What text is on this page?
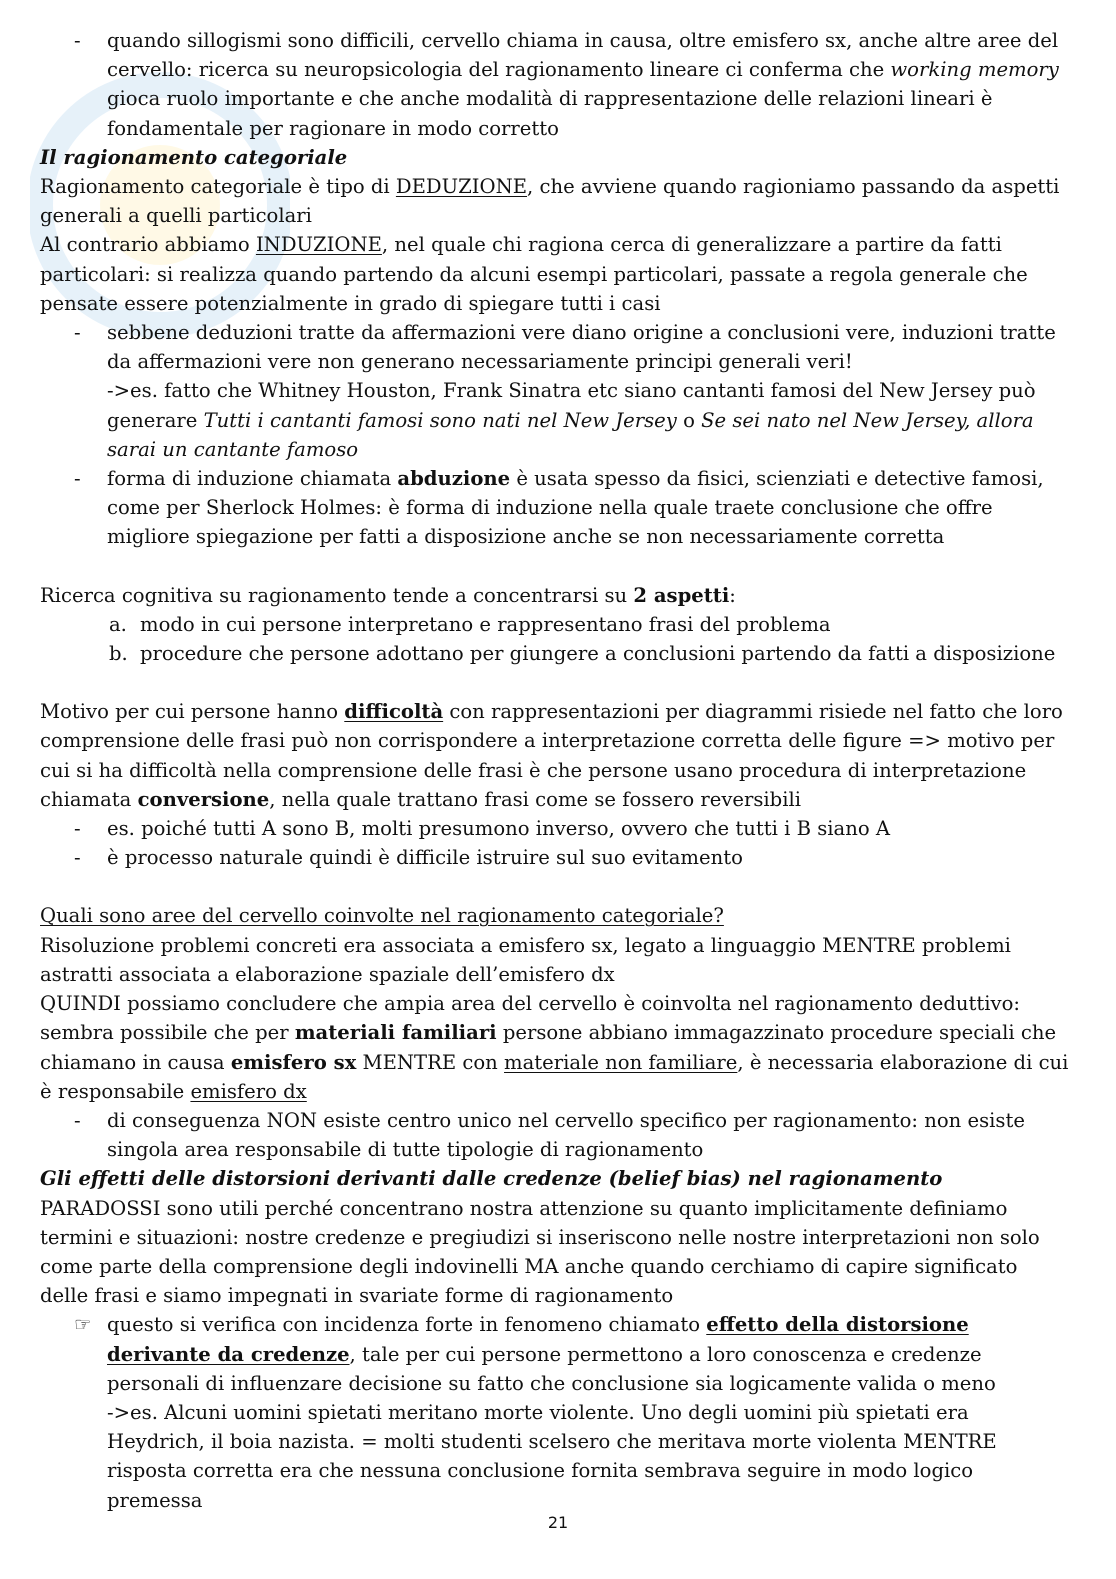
- quando sillogismi sono difficili, cervello chiama in causa, oltre emisfero sx, anche altre aree del cervello: ricerca su neuropsicologia del ragionamento lineare ci conferma che working memory gioca ruolo importante e che anche modalità di rappresentazione delle relazioni lineari è fondamentale per ragionare in modo corretto

Il ragionamento categoriale

Ragionamento categoriale è tipo di DEDUZIONE, che avviene quando ragioniamo passando da aspetti generali a quelli particolari

Al contrario abbiamo INDUZIONE, nel quale chi ragiona cerca di generalizzare a partire da fatti particolari: si realizza quando partendo da alcuni esempi particolari, passate a regola generale che pensate essere potenzialmente in grado di spiegare tutti i casi

- sebbene deduzioni tratte da affermazioni vere diano origine a conclusioni vere, induzioni tratte da affermazioni vere non generano necessariamente principi generali veri!
->es. fatto che Whitney Houston, Frank Sinatra etc siano cantanti famosi del New Jersey può generare Tutti i cantanti famosi sono nati nel New Jersey o Se sei nato nel New Jersey, allora sarai un cantante famoso
- forma di induzione chiamata abduzione è usata spesso da fisici, scienziati e detective famosi, come per Sherlock Holmes: è forma di induzione nella quale traete conclusione che offre migliore spiegazione per fatti a disposizione anche se non necessariamente corretta

Ricerca cognitiva su ragionamento tende a concentrarsi su 2 aspetti:

a. modo in cui persone interpretano e rappresentano frasi del problema
b. procedure che persone adottano per giungere a conclusioni partendo da fatti a disposizione

Motivo per cui persone hanno difficoltà con rappresentazioni per diagrammi risiede nel fatto che loro comprensione delle frasi può non corrispondere a interpretazione corretta delle figure => motivo per cui si ha difficoltà nella comprensione delle frasi è che persone usano procedura di interpretazione chiamata conversione, nella quale trattano frasi come se fossero reversibili

- es. poiché tutti A sono B, molti presumono inverso, ovvero che tutti i B siano A
- è processo naturale quindi è difficile istruire sul suo evitamento

Quali sono aree del cervello coinvolte nel ragionamento categoriale?

Risoluzione problemi concreti era associata a emisfero sx, legato a linguaggio MENTRE problemi astratti associata a elaborazione spaziale dell’emisfero dx

QUINDI possiamo concludere che ampia area del cervello è coinvolta nel ragionamento deduttivo: sembra possibile che per materiali familiari persone abbiano immagazzinato procedure speciali che chiamano in causa emisfero sx MENTRE con materiale non familiare, è necessaria elaborazione di cui è responsabile emisfero dx

- di conseguenza NON esiste centro unico nel cervello specifico per ragionamento: non esiste singola area responsabile di tutte tipologie di ragionamento

Gli effetti delle distorsioni derivanti dalle credenze (belief bias) nel ragionamento

PARADOSSI sono utili perché concentrano nostra attenzione su quanto implicitamente definiamo termini e situazioni: nostre credenze e pregiudizi si inseriscono nelle nostre interpretazioni non solo come parte della comprensione degli indovinelli MA anche quando cerchiamo di capire significato delle frasi e siamo impegnati in svariate forme di ragionamento

☞ questo si verifica con incidenza forte in fenomeno chiamato effetto della distorsione derivante da credenze, tale per cui persone permettono a loro conoscenza e credenze personali di influenzare decisione su fatto che conclusione sia logicamente valida o meno
->es. Alcuni uomini spietati meritano morte violente. Uno degli uomini più spietati era Heydrich, il boia nazista. = molti studenti scelsero che meritava morte violenta MENTRE risposta corretta era che nessuna conclusione fornita sembrava seguire in modo logico premessa
21
